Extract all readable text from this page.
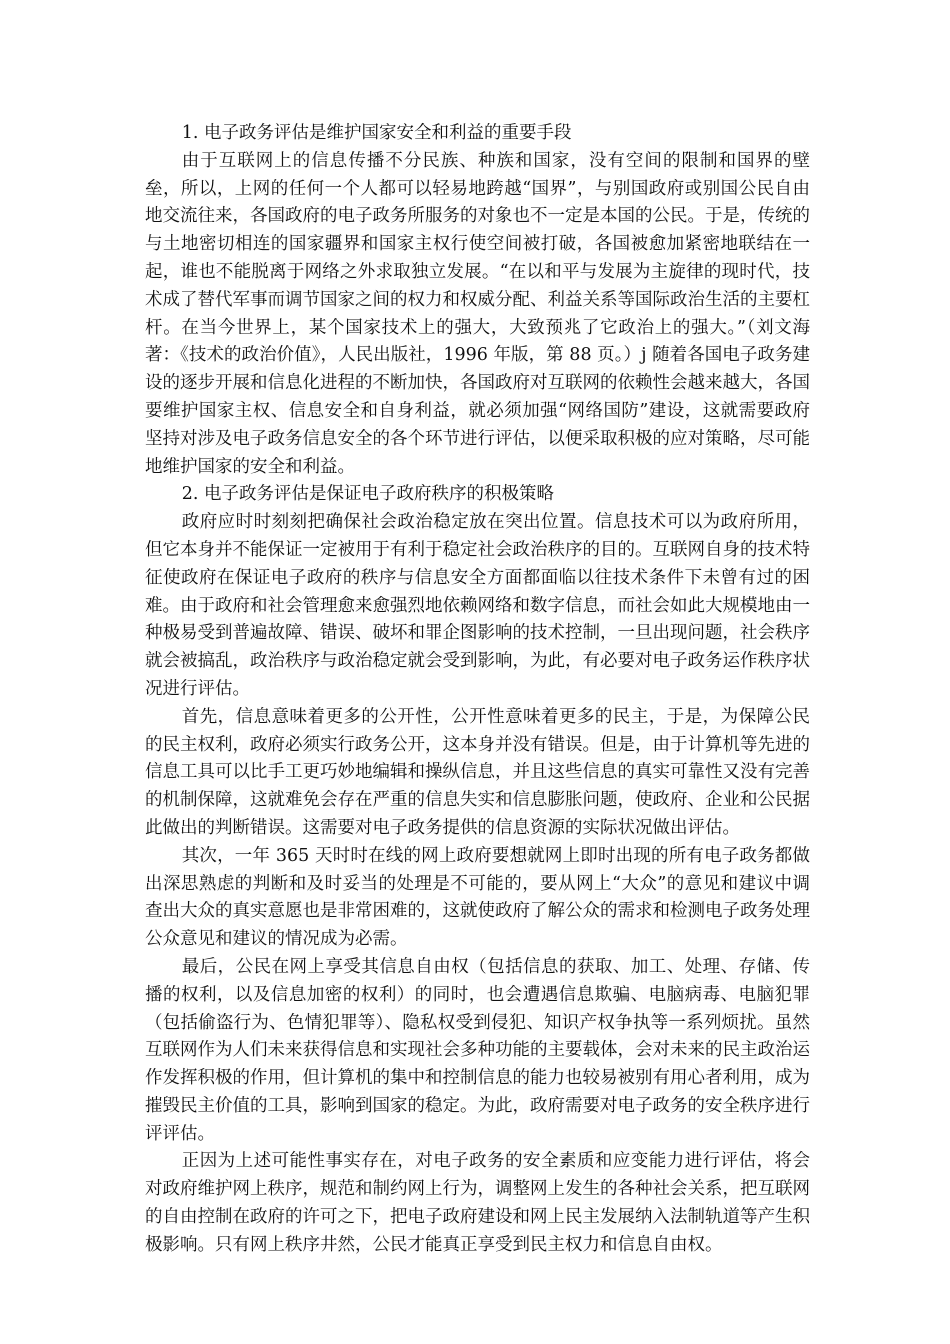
1. 电子政务评估是维护国家安全和利益的重要手段

由于互联网上的信息传播不分民族、种族和国家，没有空间的限制和国界的壁垒，所以，上网的任何一个人都可以轻易地跨越“国界”，与别国政府或别国公民自由地交流往来，各国政府的电子政务所服务的对象也不一定是本国的公民。于是，传统的与土地密切相连的国家疆界和国家主权行使空间被打破，各国被愈加紧密地联结在一起，谁也不能脱离于网络之外求取独立发展。“在以和平与发展为主旋律的现时代，技术成了替代军事而调节国家之间的权力和权威分配、利益关系等国际政治生活的主要杠杆。在当今世界上，某个国家技术上的强大，大致预兆了它政治上的强大。”（刘文海著：《技术的政治价值》，人民出版社，1996 年版，第 88 页。）j 随着各国电子政务建设的逐步开展和信息化进程的不断加快，各国政府对互联网的依赖性会越来越大，各国要维护国家主权、信息安全和自身利益，就必须加强“网络国防”建设，这就需要政府坚持对涉及电子政务信息安全的各个环节进行评估，以便采取积极的应对策略，尽可能地维护国家的安全和利益。

2. 电子政务评估是保证电子政府秩序的积极策略

政府应时时刻刻把确保社会政治稳定放在突出位置。信息技术可以为政府所用，但它本身并不能保证一定被用于有利于稳定社会政治秩序的目的。互联网自身的技术特征使政府在保证电子政府的秩序与信息安全方面都面临以往技术条件下未曾有过的困难。由于政府和社会管理愈来愈强烈地依赖网络和数字信息，而社会如此大规模地由一种极易受到普遍故障、错误、破坏和罪企图影响的技术控制，一旦出现问题，社会秩序就会被搞乱，政治秩序与政治稳定就会受到影响，为此，有必要对电子政务运作秩序状况进行评估。

首先，信息意味着更多的公开性，公开性意味着更多的民主，于是，为保障公民的民主权利，政府必须实行政务公开，这本身并没有错误。但是，由于计算机等先进的信息工具可以比手工更巧妙地编辑和操纵信息，并且这些信息的真实可靠性又没有完善的机制保障，这就难免会存在严重的信息失实和信息膨胀问题，使政府、企业和公民据此做出的判断错误。这需要对电子政务提供的信息资源的实际状况做出评估。

其次，一年 365 天时时在线的网上政府要想就网上即时出现的所有电子政务都做出深思熟虑的判断和及时妥当的处理是不可能的，要从网上“大众”的意见和建议中调查出大众的真实意愿也是非常困难的，这就使政府了解公众的需求和检测电子政务处理公众意见和建议的情况成为必需。

最后，公民在网上享受其信息自由权（包括信息的获取、加工、处理、存储、传播的权利，以及信息加密的权利）的同时，也会遭遇信息欺骗、电脑病毒、电脑犯罪（包括偷盗行为、色情犯罪等）、隐私权受到侵犯、知识产权争执等一系列烦扰。虽然互联网作为人们未来获得信息和实现社会多种功能的主要载体，会对未来的民主政治运作发挥积极的作用，但计算机的集中和控制信息的能力也较易被别有用心者利用，成为摧毁民主价值的工具，影响到国家的稳定。为此，政府需要对电子政务的安全秩序进行评评估。

正因为上述可能性事实存在，对电子政务的安全素质和应变能力进行评估，将会对政府维护网上秩序，规范和制约网上行为，调整网上发生的各种社会关系，把互联网的自由控制在政府的许可之下，把电子政府建设和网上民主发展纳入法制轨道等产生积极影响。只有网上秩序井然，公民才能真正享受到民主权力和信息自由权。
